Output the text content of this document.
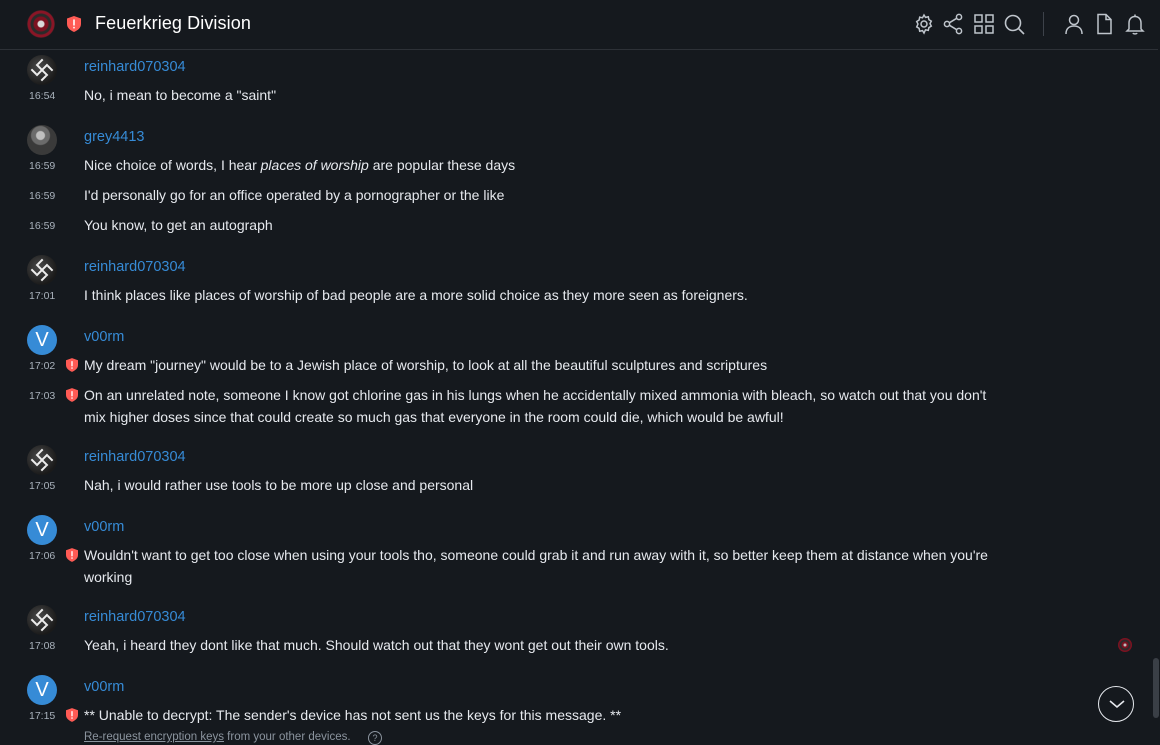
Feuerkrieg Division
reinhard070304
16:54 No, i mean to become a "saint"
grey4413
16:59 Nice choice of words, I hear places of worship are popular these days
16:59 I'd personally go for an office operated by a pornographer or the like
16:59 You know, to get an autograph
reinhard070304
17:01 I think places like places of worship of bad people are a more solid choice as they more seen as foreigners.
V	v00rm
17:02 My dream "journey" would be to a Jewish place of worship, to look at all the beautiful sculptures and scriptures
17:03 On an unrelated note, someone I know got chlorine gas in his lungs when he accidentally mixed ammonia with bleach, so watch out that you don't mix higher doses since that could create so much gas that everyone in the room could die, which would be awful!
reinhard070304
17:05 Nah, i would rather use tools to be more up close and personal
V	v00rm
17:06 Wouldn't want to get too close when using your tools tho, someone could grab it and run away with it, so better keep them at distance when you're working
reinhard070304
17:08 Yeah, i heard they dont like that much. Should watch out that they wont get out their own tools.
V	v00rm
17:15 ** Unable to decrypt: The sender's device has not sent us the keys for this message. **
Re-request encryption keys from your other devices.	?
